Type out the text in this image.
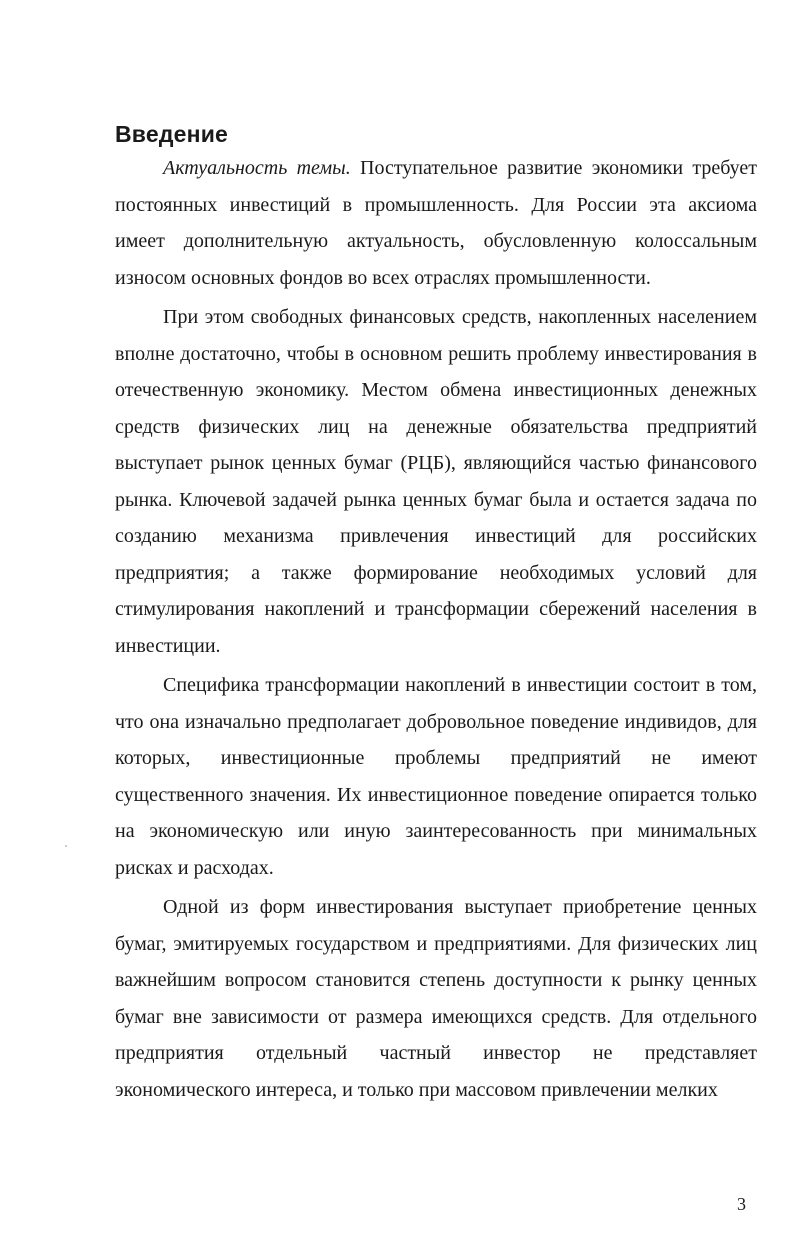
Введение

Актуальность темы. Поступательное развитие экономики требует постоянных инвестиций в промышленность. Для России эта аксиома имеет дополнительную актуальность, обусловленную колоссальным износом основных фондов во всех отраслях промышленности.

При этом свободных финансовых средств, накопленных населением вполне достаточно, чтобы в основном решить проблему инвестирования в отечественную экономику. Местом обмена инвестиционных денежных средств физических лиц на денежные обязательства предприятий выступает рынок ценных бумаг (РЦБ), являющийся частью финансового рынка. Ключевой задачей рынка ценных бумаг была и остается задача по созданию механизма привлечения инвестиций для российских предприятия; а также формирование необходимых условий для стимулирования накоплений и трансформации сбережений населения в инвестиции.

Специфика трансформации накоплений в инвестиции состоит в том, что она изначально предполагает добровольное поведение индивидов, для которых, инвестиционные проблемы предприятий не имеют существенного значения. Их инвестиционное поведение опирается только на экономическую или иную заинтересованность при минимальных рисках и расходах.

Одной из форм инвестирования выступает приобретение ценных бумаг, эмитируемых государством и предприятиями. Для физических лиц важнейшим вопросом становится степень доступности к рынку ценных бумаг вне зависимости от размера имеющихся средств. Для отдельного предприятия отдельный частный инвестор не представляет экономического интереса, и только при массовом привлечении мелких

3
